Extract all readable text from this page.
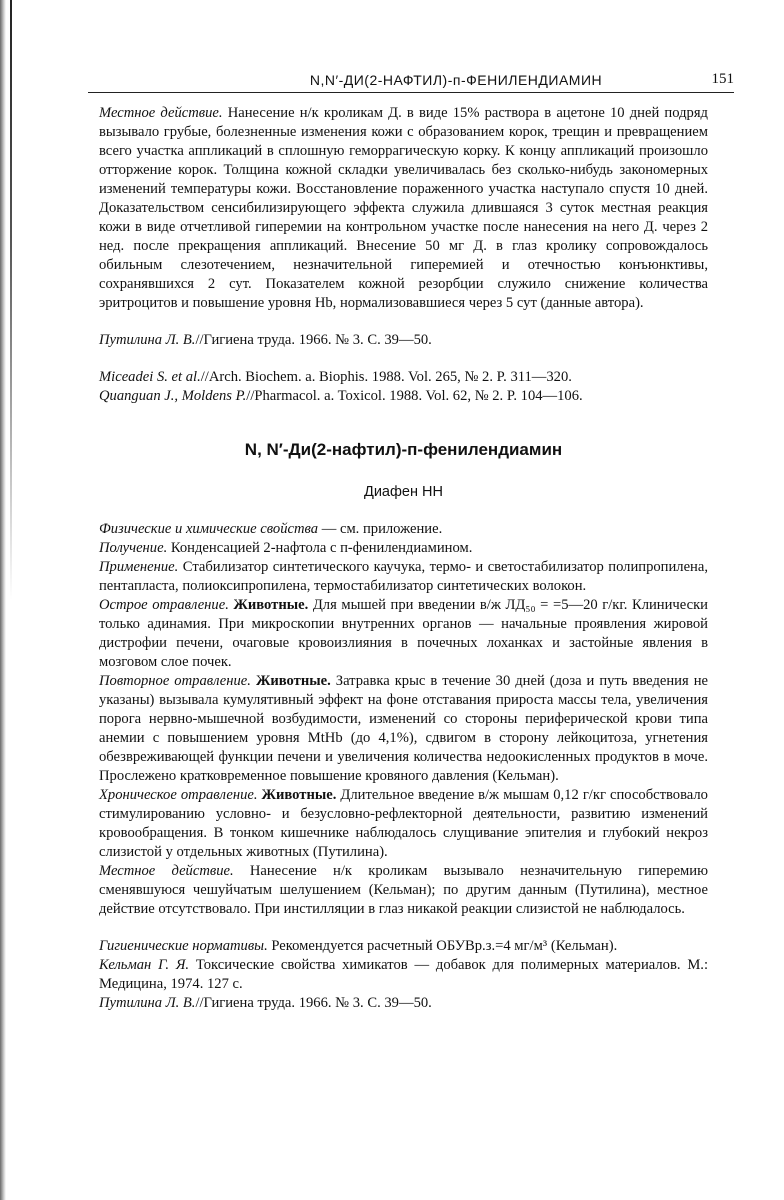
N,N′-ДИ(2-НАФТИЛ)-п-ФЕНИЛЕНДИАМИН	151

Местное действие. Нанесение н/к кроликам Д. в виде 15% раствора в ацетоне 10 дней подряд вызывало грубые, болезненные изменения кожи с образованием корок, трещин и превращением всего участка аппликаций в сплошную геморрагическую корку. К концу аппликаций произошло отторжение корок. Толщина кожной складки увеличивалась без сколько-нибудь закономерных изменений температуры кожи. Восстановление пораженного участка наступало спустя 10 дней. Доказательством сенсибилизирующего эффекта служила длившаяся 3 суток местная реакция кожи в виде отчетливой гиперемии на контрольном участке после нанесения на него Д. через 2 нед. после прекращения аппликаций. Внесение 50 мг Д. в глаз кролику сопровождалось обильным слезотечением, незначительной гиперемией и отечностью конъюнктивы, сохранявшихся 2 сут. Показателем кожной резорбции служило снижение количества эритроцитов и повышение уровня Hb, нормализовавшиеся через 5 сут (данные автора).

Путилина Л. В.//Гигиена труда. 1966. № 3. С. 39—50.

Miceadei S. et al.//Arch. Biochem. a. Biophis. 1988. Vol. 265, № 2. P. 311—320.

Quanguan J., Moldens P.//Pharmacol. a. Toxicol. 1988. Vol. 62, № 2. P. 104—106.

N, N′-Ди(2-нафтил)-п-фенилендиамин

Диафен НН

Физические и химические свойства — см. приложение.

Получение. Конденсацией 2-нафтола с п-фенилендиамином.

Применение. Стабилизатор синтетического каучука, термо- и светостабилизатор полипропилена, пентапласта, полиоксипропилена, термостабилизатор синтетических волокон.

Острое отравление. Животные. Для мышей при введении в/ж ЛД₅₀ = =5—20 г/кг. Клинически только адинамия. При микроскопии внутренних органов — начальные проявления жировой дистрофии печени, очаговые кровоизлияния в почечных лоханках и застойные явления в мозговом слое почек.

Повторное отравление. Животные. Затравка крыс в течение 30 дней (доза и путь введения не указаны) вызывала кумулятивный эффект на фоне отставания прироста массы тела, увеличения порога нервно-мышечной возбудимости, изменений со стороны периферической крови типа анемии с повышением уровня MtHb (до 4,1%), сдвигом в сторону лейкоцитоза, угнетения обезвреживающей функции печени и увеличения количества недоокисленных продуктов в моче. Прослежено кратковременное повышение кровяного давления (Кельман).

Хроническое отравление. Животные. Длительное введение в/ж мышам 0,12 г/кг способствовало стимулированию условно- и безусловно-рефлекторной деятельности, развитию изменений кровообращения. В тонком кишечнике наблюдалось слущивание эпителия и глубокий некроз слизистой у отдельных животных (Путилина).

Местное действие. Нанесение н/к кроликам вызывало незначительную гиперемию сменявшуюся чешуйчатым шелушением (Кельман); по другим данным (Путилина), местное действие отсутствовало. При инстилляции в глаз никакой реакции слизистой не наблюдалось.

Гигиенические нормативы. Рекомендуется расчетный ОБУВр.з.=4 мг/м³ (Кельман).

Кельман Г. Я. Токсические свойства химикатов — добавок для полимерных материалов. М.: Медицина, 1974. 127 с.

Путилина Л. В.//Гигиена труда. 1966. № 3. С. 39—50.
